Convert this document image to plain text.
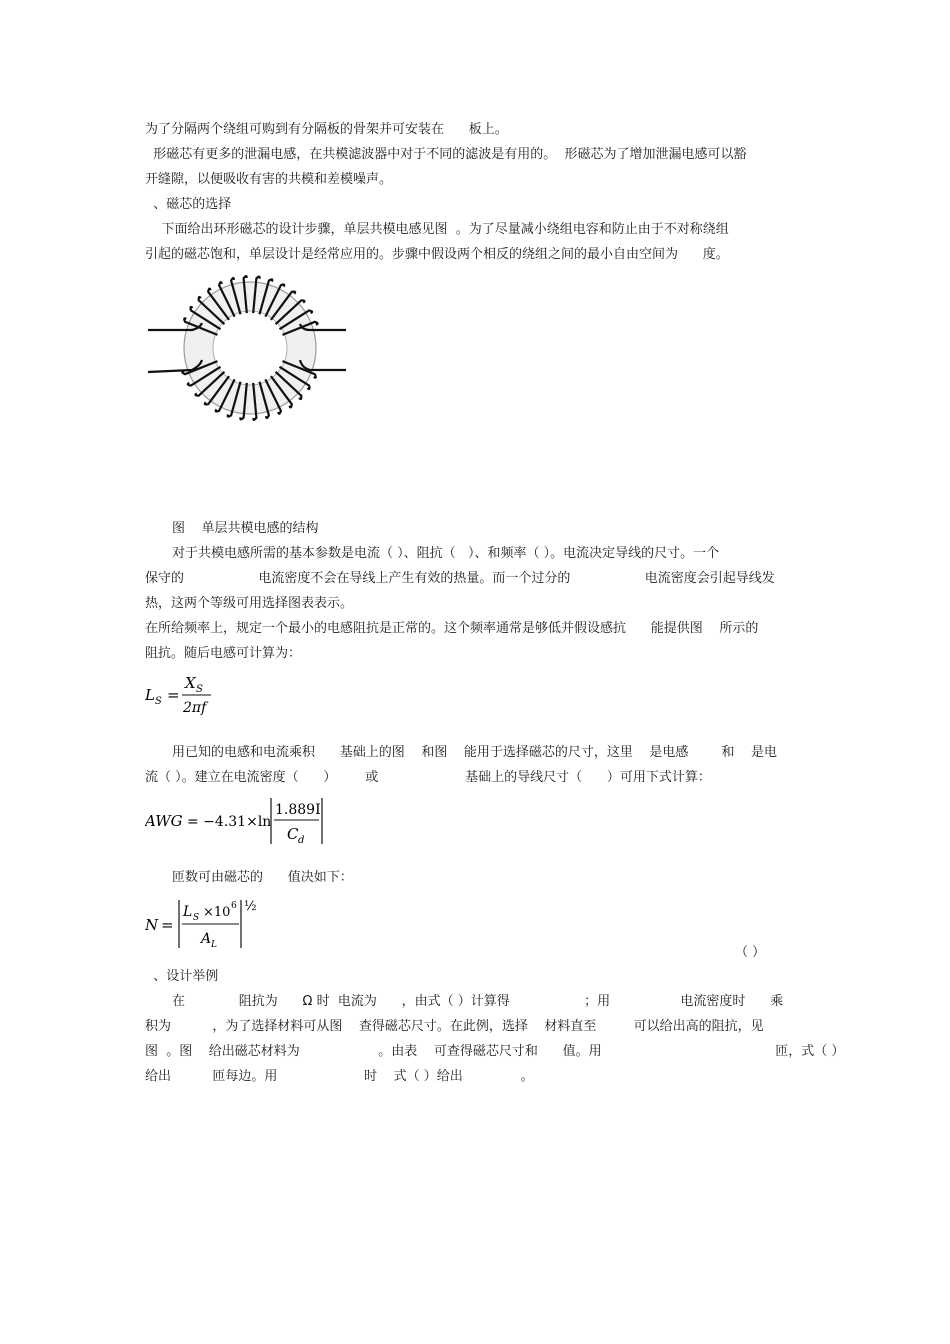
为了分隔两个绕组可购到有分隔板的骨架并可安装在      板上。
形磁芯有更多的泄漏电感，在共模滤波器中对于不同的滤波是有用的。  形磁芯为了增加泄漏电感可以豁
开缝隙，以便吸收有害的共模和差模噪声。
、磁芯的选择
下面给出环形磁芯的设计步骤，单层共模电感见图  。为了尽量减小绕组电容和防止由于不对称绕组
引起的磁芯饱和，单层设计是经常应用的。步骤中假设两个相反的绕组之间的最小自由空间为      度。
图    单层共模电感的结构
对于共模电感所需的基本参数是电流（ ）、阻抗（   ）、和频率（ ）。电流决定导线的尺寸。一个
保守的                  电流密度不会在导线上产生有效的热量。而一个过分的                  电流密度会引起导线发
热，这两个等级可用选择图表表示。
在所给频率上，规定一个最小的电感阻抗是正常的。这个频率通常是够低并假设感抗      能提供图    所示的
阻抗。随后电感可计算为：
L S =
X S
2πf
用已知的电感和电流乘积      基础上的图    和图    能用于选择磁芯的尺寸，这里    是电感        和    是电
流（ ）。建立在电流密度（      ）       或                     基础上的导线尺寸（      ）可用下式计算：
AWG = −4.31×ln
1.889I
C d
匝数可由磁芯的      值决如下：
N =
L S ×10 6
A L
½
（ ）
、设计举例
在             阻抗为      Ω 时  电流为      ，由式（ ）计算得                  ；用                 电流密度时      乘
积为          ，为了选择材料可从图    查得磁芯尺寸。在此例，选择    材料直至         可以给出高的阻抗，见
图  。图    给出磁芯材料为                   。由表    可查得磁芯尺寸和      值。用                                          匝，式（ ）
给出          匝每边。用                     时    式（ ）给出              。
